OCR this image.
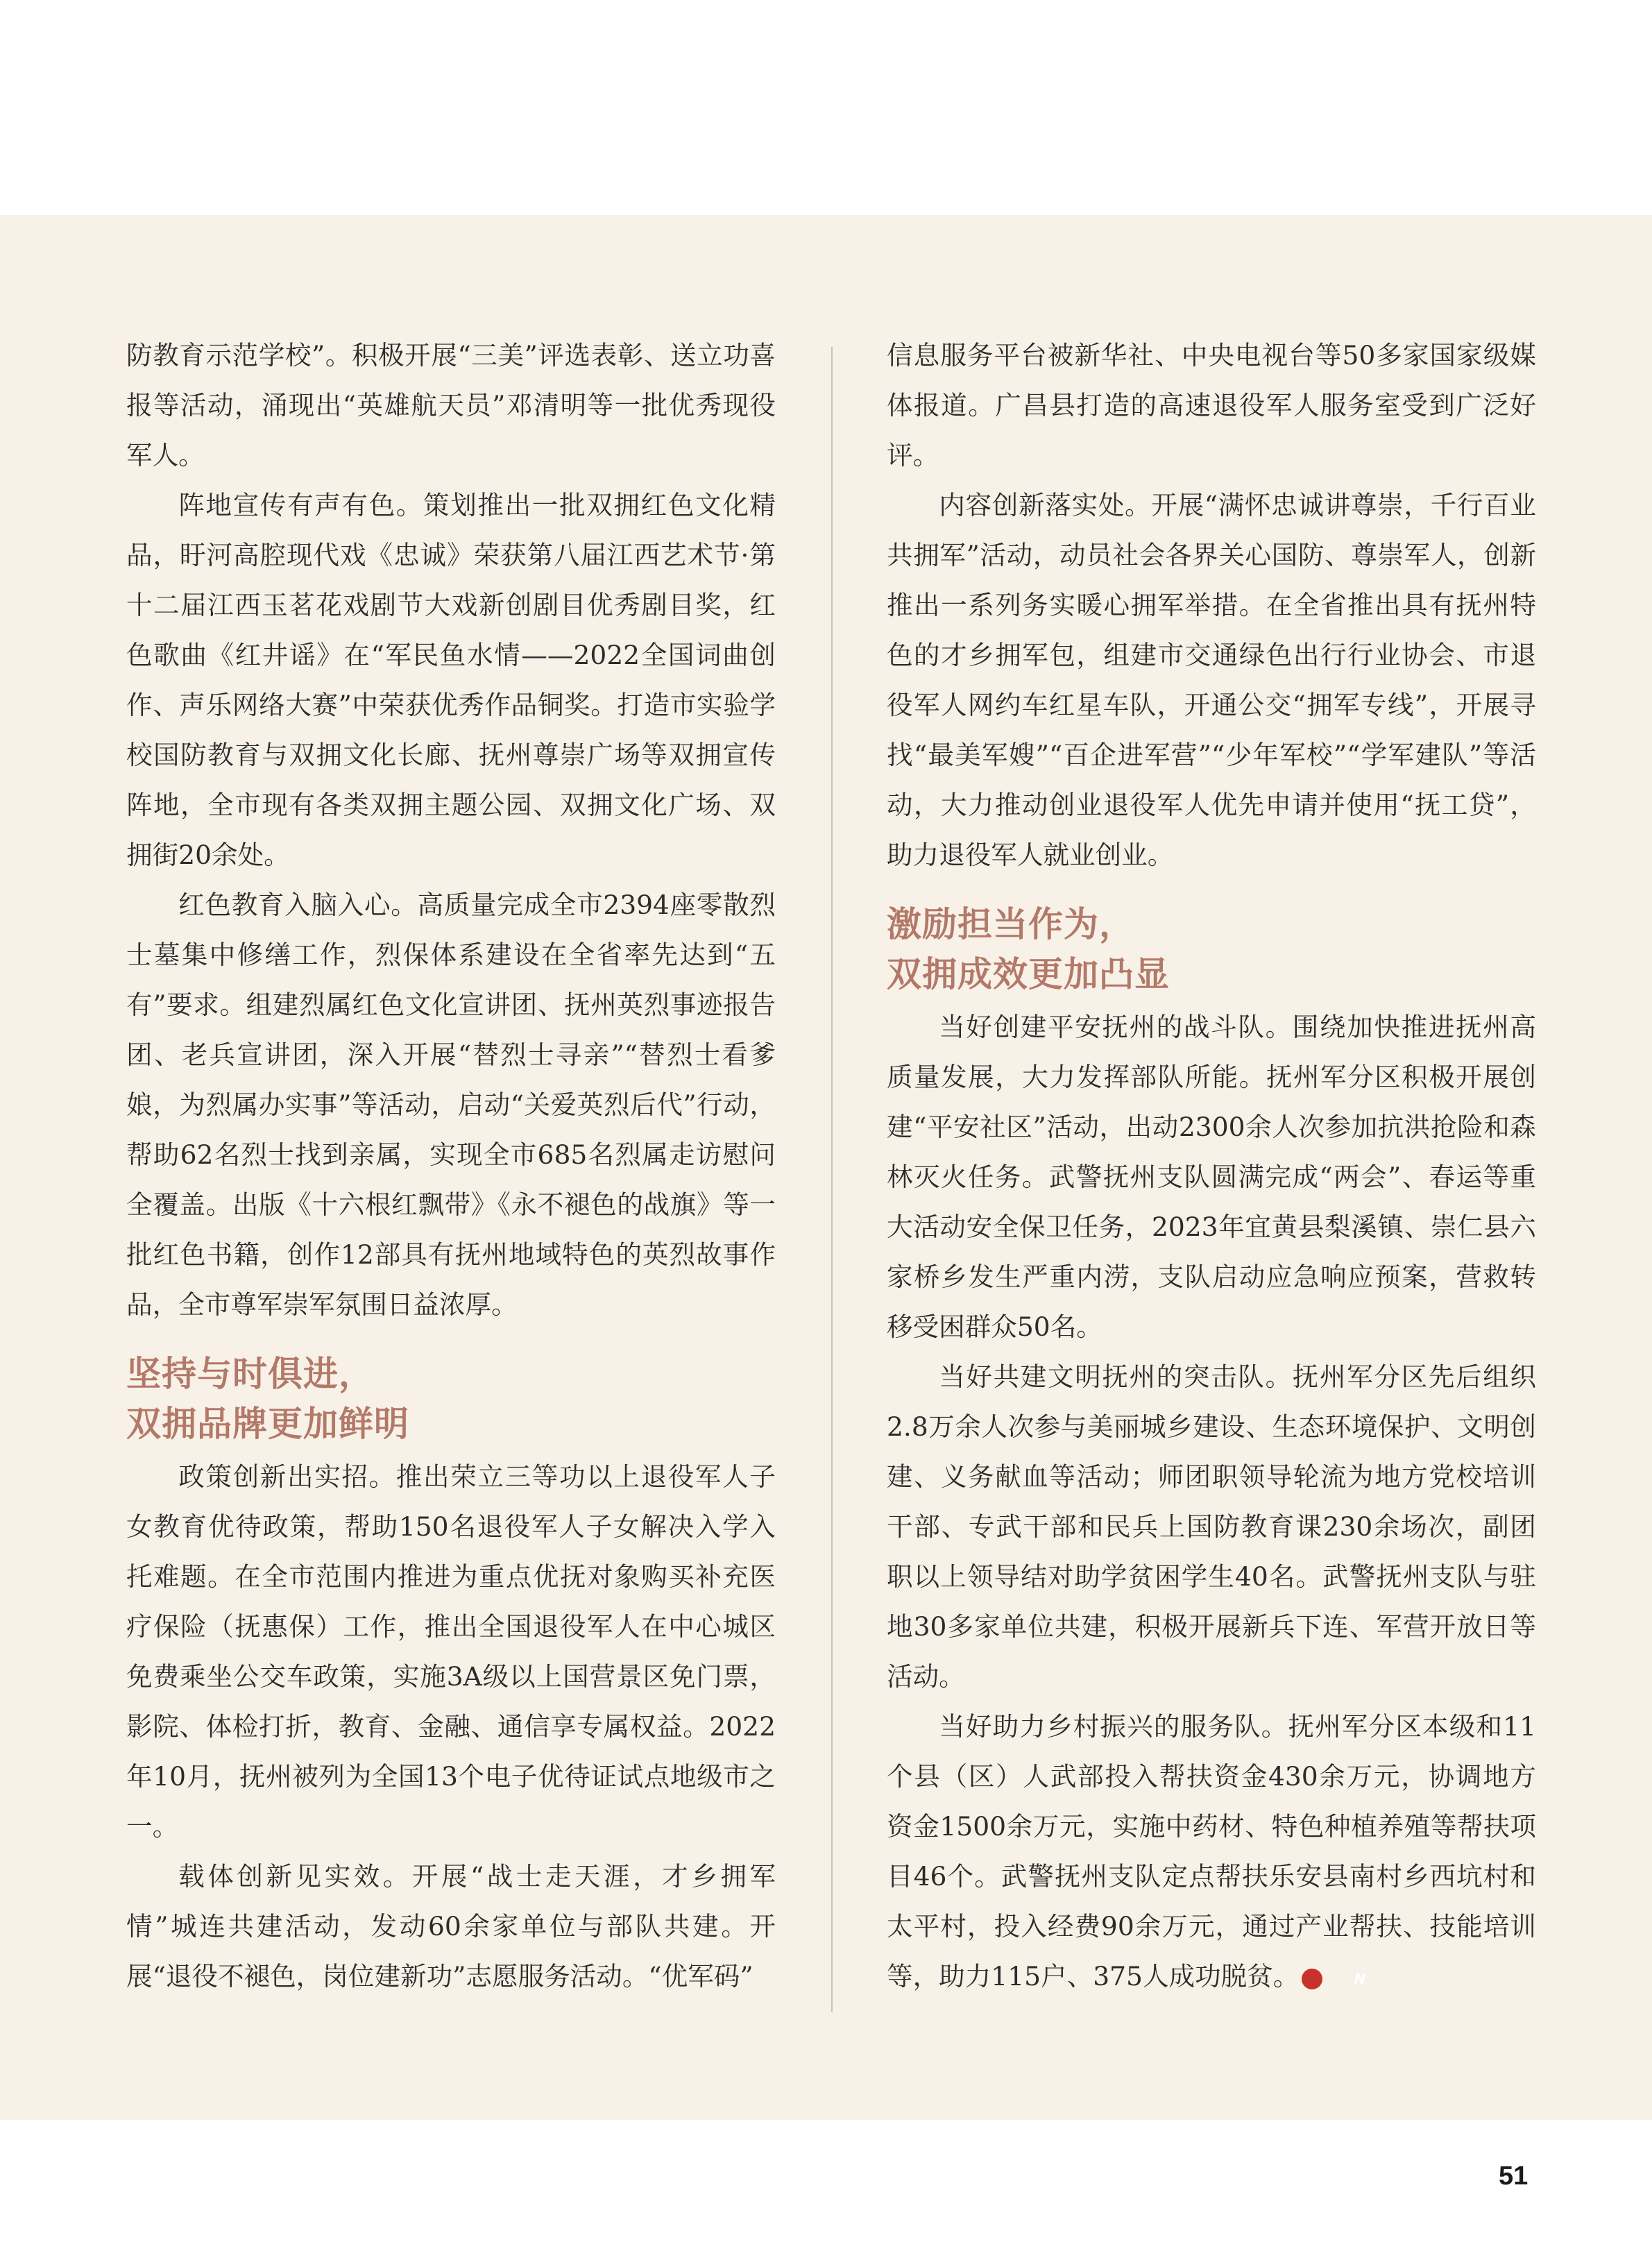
防教育示范学校”。积极开展“三美”评选表彰、送立功喜报等活动，涌现出“英雄航天员”邓清明等一批优秀现役军人。

阵地宣传有声有色。策划推出一批双拥红色文化精品，盱河高腔现代戏《忠诚》荣获第八届江西艺术节·第十二届江西玉茗花戏剧节大戏新创剧目优秀剧目奖，红色歌曲《红井谣》在“军民鱼水情——2022全国词曲创作、声乐网络大赛”中荣获优秀作品铜奖。打造市实验学校国防教育与双拥文化长廊、抚州尊崇广场等双拥宣传阵地，全市现有各类双拥主题公园、双拥文化广场、双拥街20余处。

红色教育入脑入心。高质量完成全市2394座零散烈士墓集中修缮工作，烈保体系建设在全省率先达到“五有”要求。组建烈属红色文化宣讲团、抚州英烈事迹报告团、老兵宣讲团，深入开展“替烈士寻亲”“替烈士看爹娘，为烈属办实事”等活动，启动“关爱英烈后代”行动，帮助62名烈士找到亲属，实现全市685名烈属走访慰问全覆盖。出版《十六根红飘带》《永不褪色的战旗》等一批红色书籍，创作12部具有抚州地域特色的英烈故事作品，全市尊军崇军氛围日益浓厚。

坚持与时俱进，
双拥品牌更加鲜明

政策创新出实招。推出荣立三等功以上退役军人子女教育优待政策，帮助150名退役军人子女解决入学入托难题。在全市范围内推进为重点优抚对象购买补充医疗保险（抚惠保）工作，推出全国退役军人在中心城区免费乘坐公交车政策，实施3A级以上国营景区免门票，影院、体检打折，教育、金融、通信享专属权益。2022年10月，抚州被列为全国13个电子优待证试点地级市之一。

载体创新见实效。开展“战士走天涯，才乡拥军情”城连共建活动，发动60余家单位与部队共建。开展“退役不褪色，岗位建新功”志愿服务活动。“优军码”

信息服务平台被新华社、中央电视台等50多家国家级媒体报道。广昌县打造的高速退役军人服务室受到广泛好评。

内容创新落实处。开展“满怀忠诚讲尊崇，千行百业共拥军”活动，动员社会各界关心国防、尊崇军人，创新推出一系列务实暖心拥军举措。在全省推出具有抚州特色的才乡拥军包，组建市交通绿色出行行业协会、市退役军人网约车红星车队，开通公交“拥军专线”，开展寻找“最美军嫂”“百企进军营”“少年军校”“学军建队”等活动，大力推动创业退役军人优先申请并使用“抚工贷”，助力退役军人就业创业。

激励担当作为，
双拥成效更加凸显

当好创建平安抚州的战斗队。围绕加快推进抚州高质量发展，大力发挥部队所能。抚州军分区积极开展创建“平安社区”活动，出动2300余人次参加抗洪抢险和森林灭火任务。武警抚州支队圆满完成“两会”、春运等重大活动安全保卫任务，2023年宜黄县梨溪镇、崇仁县六家桥乡发生严重内涝，支队启动应急响应预案，营救转移受困群众50名。

当好共建文明抚州的突击队。抚州军分区先后组织2.8万余人次参与美丽城乡建设、生态环境保护、文明创建、义务献血等活动；师团职领导轮流为地方党校培训干部、专武干部和民兵上国防教育课230余场次，副团职以上领导结对助学贫困学生40名。武警抚州支队与驻地30多家单位共建，积极开展新兵下连、军营开放日等活动。

当好助力乡村振兴的服务队。抚州军分区本级和11个县（区）人武部投入帮扶资金430余万元，协调地方资金1500余万元，实施中药材、特色种植养殖等帮扶项目46个。武警抚州支队定点帮扶乐安县南村乡西坑村和太平村，投入经费90余万元，通过产业帮扶、技能培训等，助力115户、375人成功脱贫。	N

51
